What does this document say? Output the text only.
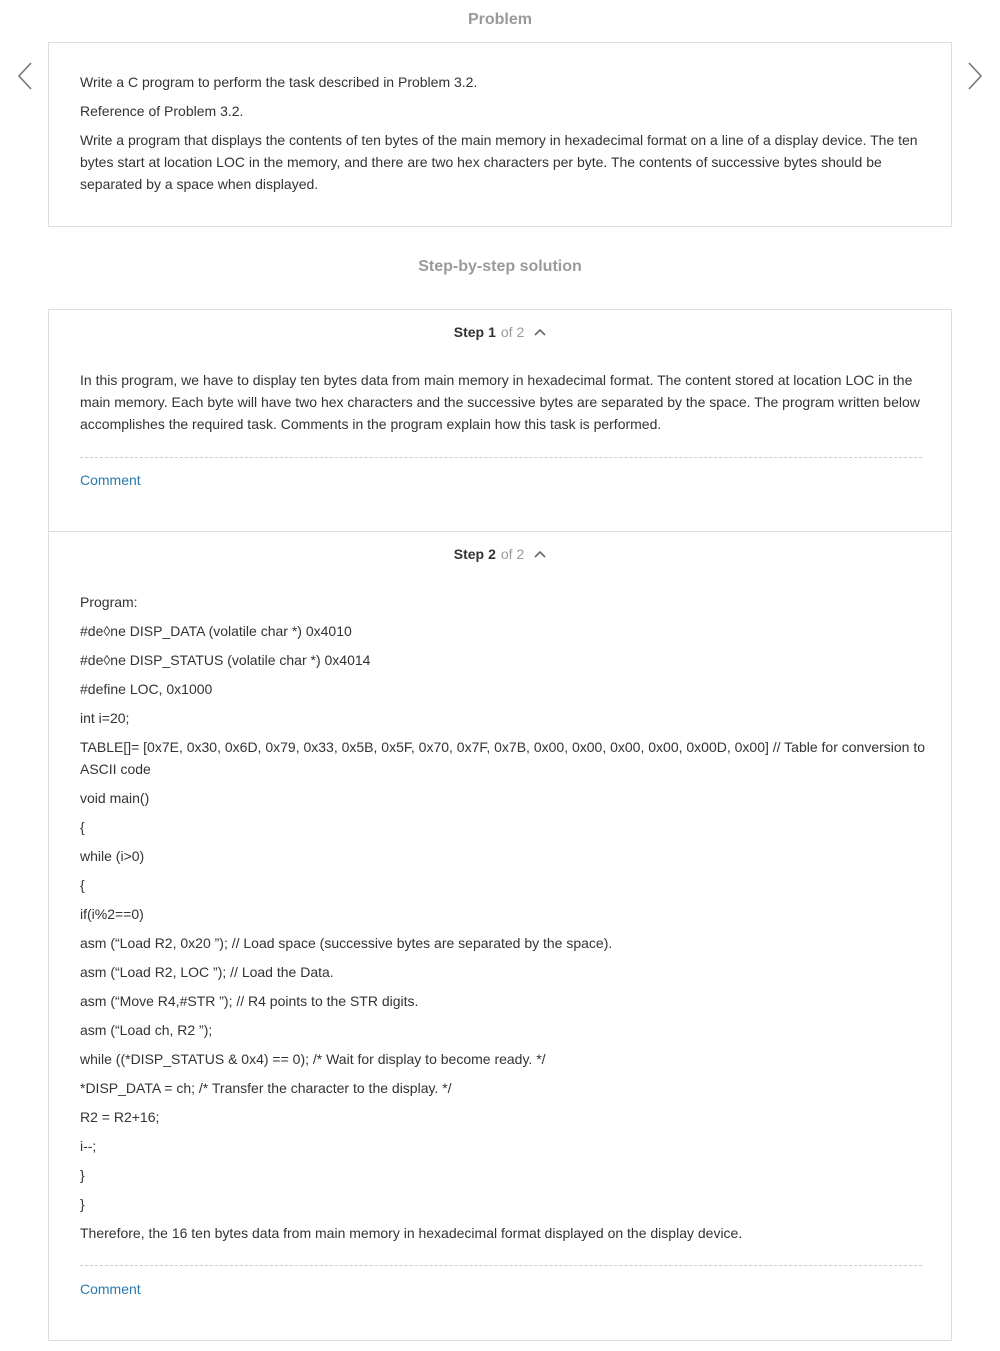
Problem
Write a C program to perform the task described in Problem 3.2.
Reference of Problem 3.2.
Write a program that displays the contents of ten bytes of the main memory in hexadecimal format on a line of a display device. The ten bytes start at location LOC in the memory, and there are two hex characters per byte. The contents of successive bytes should be separated by a space when displayed.
Step-by-step solution
Step 1 of 2
In this program, we have to display ten bytes data from main memory in hexadecimal format. The content stored at location LOC in the main memory. Each byte will have two hex characters and the successive bytes are separated by the space. The program written below accomplishes the required task. Comments in the program explain how this task is performed.
Comment
Step 2 of 2
Program:
#de◊ne DISP_DATA (volatile char *) 0x4010
#de◊ne DISP_STATUS (volatile char *) 0x4014
#define LOC, 0x1000
int i=20;
TABLE[]= [0x7E, 0x30, 0x6D, 0x79, 0x33, 0x5B, 0x5F, 0x70, 0x7F, 0x7B, 0x00, 0x00, 0x00, 0x00, 0x00D, 0x00] // Table for conversion to ASCII code
void main()
{
while (i>0)
{
if(i%2==0)
asm (“Load R2, 0x20 ”); // Load space (successive bytes are separated by the space).
asm (“Load R2, LOC ”); // Load the Data.
asm (“Move R4,#STR ”); // R4 points to the STR digits.
asm (“Load ch, R2 ”);
while ((*DISP_STATUS & 0x4) == 0); /* Wait for display to become ready. */
*DISP_DATA = ch; /* Transfer the character to the display. */
R2 = R2+16;
i--;
}
}
Therefore, the 16 ten bytes data from main memory in hexadecimal format displayed on the display device.
Comment
